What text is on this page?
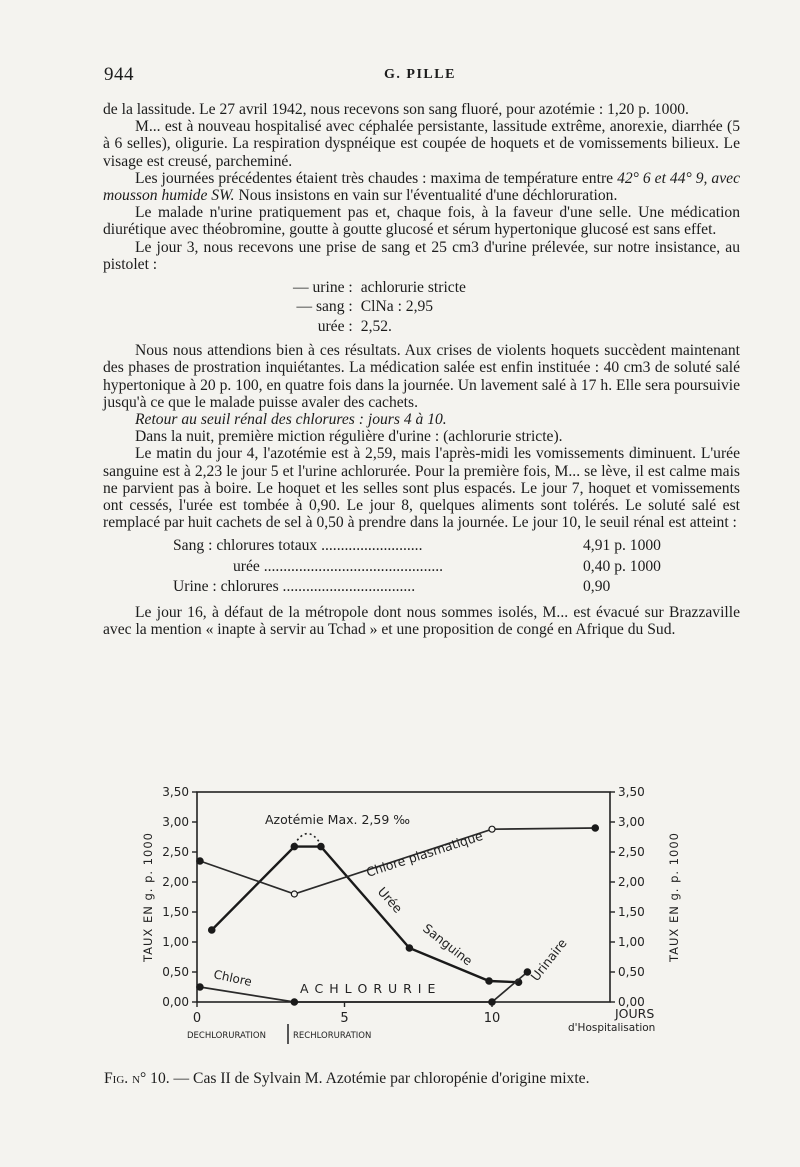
944	G. PILLE

de la lassitude. Le 27 avril 1942, nous recevons son sang fluoré, pour azotémie : 1,20 p. 1000.

M... est à nouveau hospitalisé avec céphalée persistante, lassitude extrême, anorexie, diarrhée (5 à 6 selles), oligurie. La respiration dyspnéique est coupée de hoquets et de vomissements bilieux. Le visage est creusé, parcheminé.

Les journées précédentes étaient très chaudes : maxima de température entre 42° 6 et 44° 9, avec mousson humide SW. Nous insistons en vain sur l'éventualité d'une déchloruration.

Le malade n'urine pratiquement pas et, chaque fois, à la faveur d'une selle. Une médication diurétique avec théobromine, goutte à goutte glucosé et sérum hypertonique glucosé est sans effet.

Le jour 3, nous recevons une prise de sang et 25 cm3 d'urine prélevée, sur notre insistance, au pistolet :

— urine :	achlorurie stricte
— sang :	ClNa : 2,95
urée :	2,52.

Nous nous attendions bien à ces résultats. Aux crises de violents hoquets succèdent maintenant des phases de prostration inquiétantes. La médication salée est enfin instituée : 40 cm3 de soluté salé hypertonique à 20 p. 100, en quatre fois dans la journée. Un lavement salé à 17 h. Elle sera poursuivie jusqu'à ce que le malade puisse avaler des cachets.

Retour au seuil rénal des chlorures : jours 4 à 10.

Dans la nuit, première miction régulière d'urine : (achlorurie stricte).

Le matin du jour 4, l'azotémie est à 2,59, mais l'après-midi les vomissements diminuent. L'urée sanguine est à 2,23 le jour 5 et l'urine achlorurée. Pour la première fois, M... se lève, il est calme mais ne parvient pas à boire. Le hoquet et les selles sont plus espacés. Le jour 7, hoquet et vomissements ont cessés, l'urée est tombée à 0,90. Le jour 8, quelques aliments sont tolérés. Le soluté salé est remplacé par huit cachets de sel à 0,50 à prendre dans la journée. Le jour 10, le seuil rénal est atteint :

Sang : chlorures totaux ..........................	4,91 p. 1000
urée ..............................................	0,40 p. 1000
Urine : chlorures ..................................	0,90

Le jour 16, à défaut de la métropole dont nous sommes isolés, M... est évacué sur Brazzaville avec la mention « inapte à servir au Tchad » et une proposition de congé en Afrique du Sud.

0,00	0,00
0,50	0,50
1,00	1,00
1,50	1,50
2,00	2,00
2,50	2,50
3,00	3,00
3,50	3,50
0	5	10
Azotémie Max. 2,59 ‰
Chlore plasmatique
Urée
Sanguine	Urinaire
Chlore	A C H L O R U R I E
JOURS
d'Hospitalisation
DECHLORURATION	RECHLORURATION
TAUX EN g. p. 1000	TAUX EN g. p. 1000
Fig. n° 10. — Cas II de Sylvain M. Azotémie par chloropénie d'origine mixte.
